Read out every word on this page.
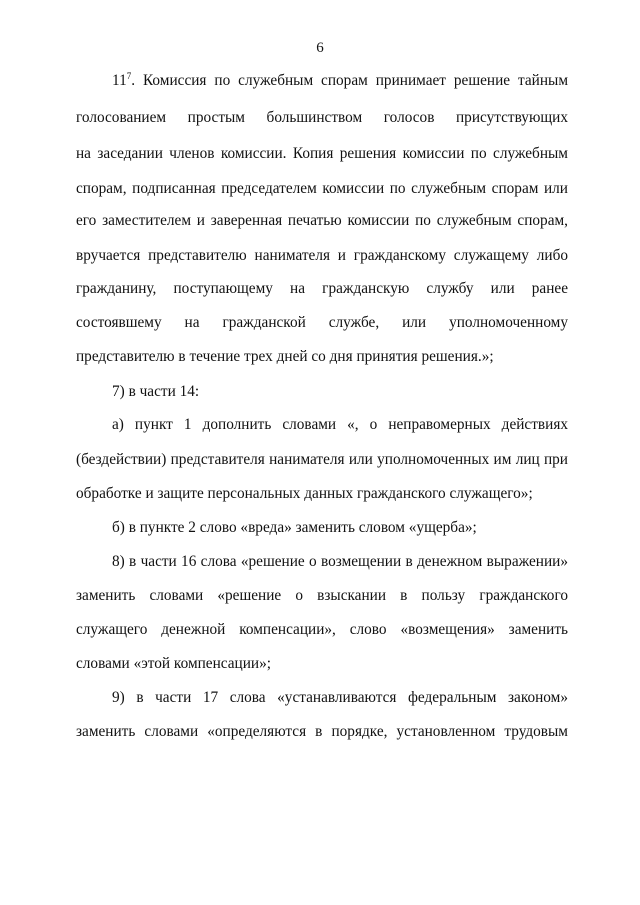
6
$11^7$. Комиссия по служебным спорам принимает решение тайным
голосованием простым большинством голосов присутствующих
на заседании членов комиссии. Копия решения комиссии по служебным
спорам, подписанная председателем комиссии по служебным спорам или
его заместителем и заверенная печатью комиссии по служебным спорам,
вручается представителю нанимателя и гражданскому служащему либо
гражданину, поступающему на гражданскую службу или ранее
состоявшему на гражданской службе, или уполномоченному
представителю в течение трех дней со дня принятия решения.»;
7) в части 14:
а) пункт 1 дополнить словами «, о неправомерных действиях
(бездействии) представителя нанимателя или уполномоченных им лиц при
обработке и защите персональных данных гражданского служащего»;
б) в пункте 2 слово «вреда» заменить словом «ущерба»;
8) в части 16 слова «решение о возмещении в денежном выражении»
заменить словами «решение о взыскании в пользу гражданского
служащего денежной компенсации», слово «возмещения» заменить
словами «этой компенсации»;
9) в части 17 слова «устанавливаются федеральным законом»
заменить словами «определяются в порядке, установленном трудовым
